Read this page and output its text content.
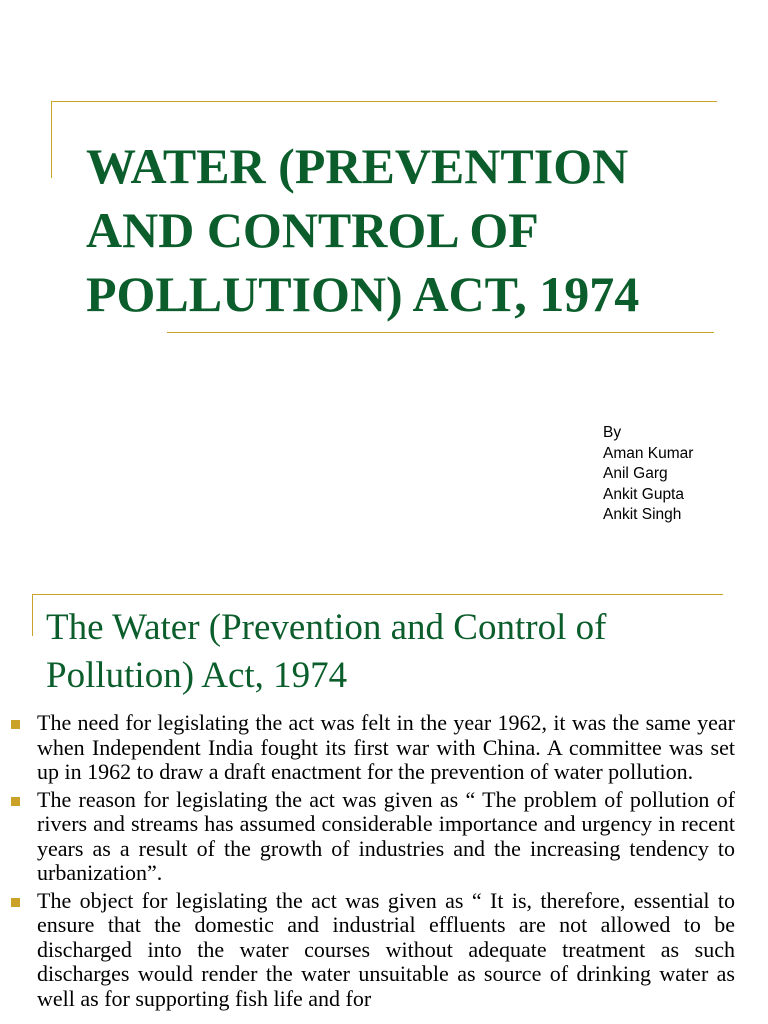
WATER (PREVENTION AND CONTROL OF POLLUTION) ACT, 1974
By
Aman Kumar
Anil Garg
Ankit Gupta
Ankit Singh
The Water (Prevention and Control of Pollution) Act, 1974
The need for legislating the act was felt in the year 1962, it was the same year when Independent India fought its first war with China. A committee was set up in 1962 to draw a draft enactment for the prevention of water pollution.
The reason for legislating the act was given as “ The problem of pollution of rivers and streams has assumed considerable importance and urgency in recent years as a result of the growth of industries and the increasing tendency to urbanization”.
The object for legislating the act was given as “ It is, therefore, essential to ensure that the domestic and industrial effluents are not allowed to be discharged into the water courses without adequate treatment as such discharges would render the water unsuitable as source of drinking water as well as for supporting fish life and for
